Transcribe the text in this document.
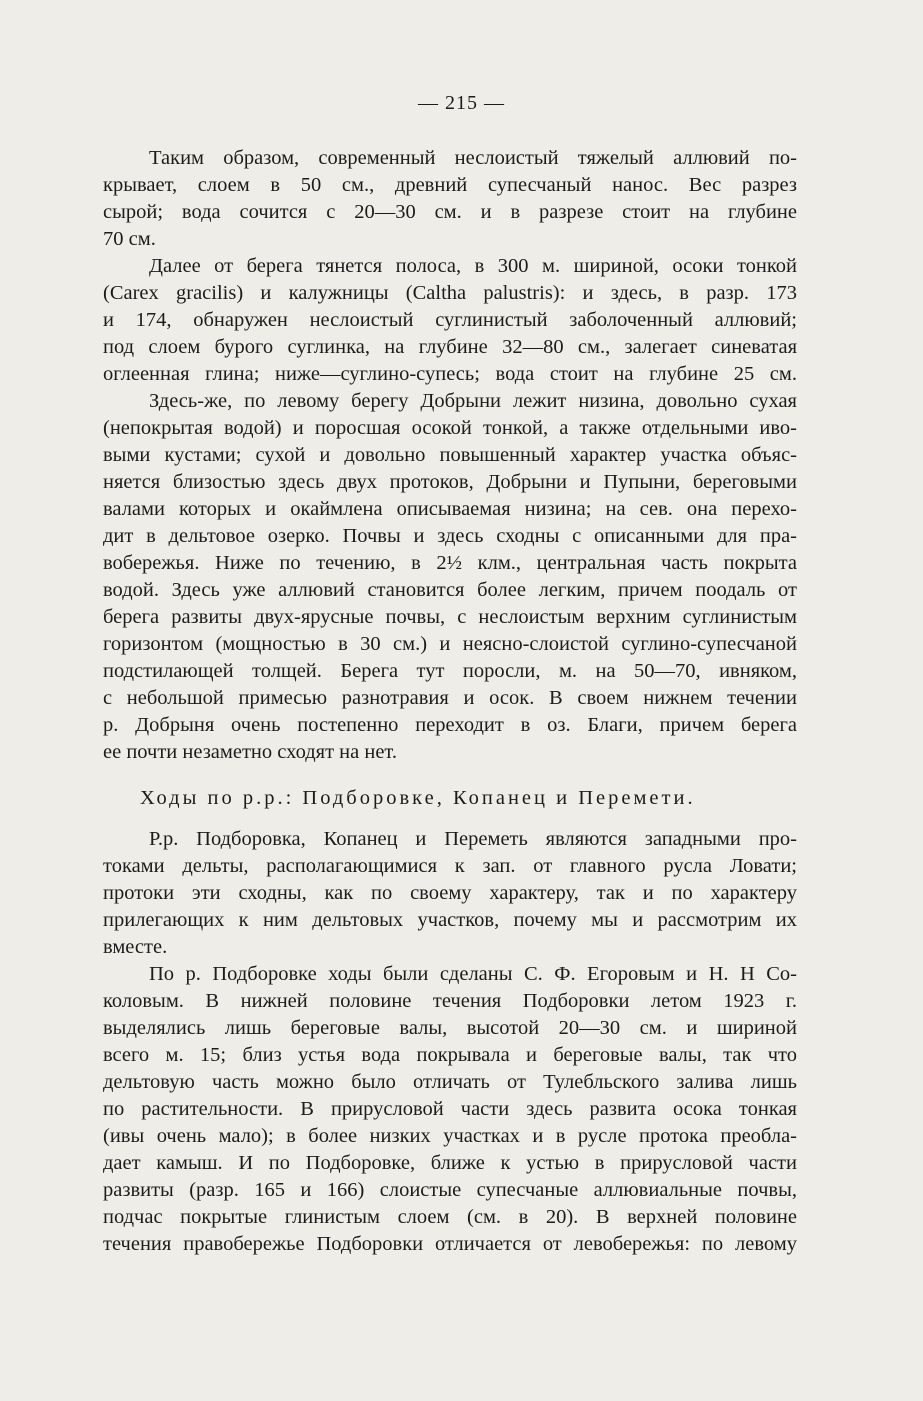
— 215 —
Таким образом, современный неслоистый тяжелый аллювий по-
крывает, слоем в 50 см., древний супесчаный нанос. Вес разрез
сырой; вода сочится с 20—30 см. и в разрезе стоит на глубине
70 см.
Далее от берега тянется полоса, в 300 м. шириной, осоки тонкой
(Carex gracilis) и калужницы (Caltha palustris): и здесь, в разр. 173
и 174, обнаружен неслоистый суглинистый заболоченный аллювий;
под слоем бурого суглинка, на глубине 32—80 см., залегает синеватая
оглеенная глина; ниже—суглино-супесь; вода стоит на глубине 25 см.
Здесь-же, по левому берегу Добрыни лежит низина, довольно сухая
(непокрытая водой) и поросшая осокой тонкой, а также отдельными иво-
выми кустами; сухой и довольно повышенный характер участка объяс-
няется близостью здесь двух протоков, Добрыни и Пупыни, береговыми
валами которых и окаймлена описываемая низина; на сев. она перехо-
дит в дельтовое озерко. Почвы и здесь сходны с описанными для пра-
вобережья. Ниже по течению, в 2½ клм., центральная часть покрыта
водой. Здесь уже аллювий становится более легким, причем поодаль от
берега развиты двух-ярусные почвы, с неслоистым верхним суглинистым
горизонтом (мощностью в 30 см.) и неясно-слоистой суглино-супесчаной
подстилающей толщей. Берега тут поросли, м. на 50—70, ивняком,
с небольшой примесью разнотравия и осок. В своем нижнем течении
р. Добрыня очень постепенно переходит в оз. Благи, причем берега
ее почти незаметно сходят на нет.
Ходы по р.р.: Подборовке, Копанец и Перемети.
Р.р. Подборовка, Копанец и Переметь являются западными про-
токами дельты, располагающимися к зап. от главного русла Ловати;
протоки эти сходны, как по своему характеру, так и по характеру
прилегающих к ним дельтовых участков, почему мы и рассмотрим их
вместе.
По р. Подборовке ходы были сделаны С. Ф. Егоровым и Н. Н Со-
коловым. В нижней половине течения Подборовки летом 1923 г.
выделялись лишь береговые валы, высотой 20—30 см. и шириной
всего м. 15; близ устья вода покрывала и береговые валы, так что
дельтовую часть можно было отличать от Тулебльского залива лишь
по растительности. В прирусловой части здесь развита осока тонкая
(ивы очень мало); в более низких участках и в русле протока преобла-
дает камыш. И по Подборовке, ближе к устью в прирусловой части
развиты (разр. 165 и 166) слоистые супесчаные аллювиальные почвы,
подчас покрытые глинистым слоем (см. в 20). В верхней половине
течения правобережье Подборовки отличается от левобережья: по левому
